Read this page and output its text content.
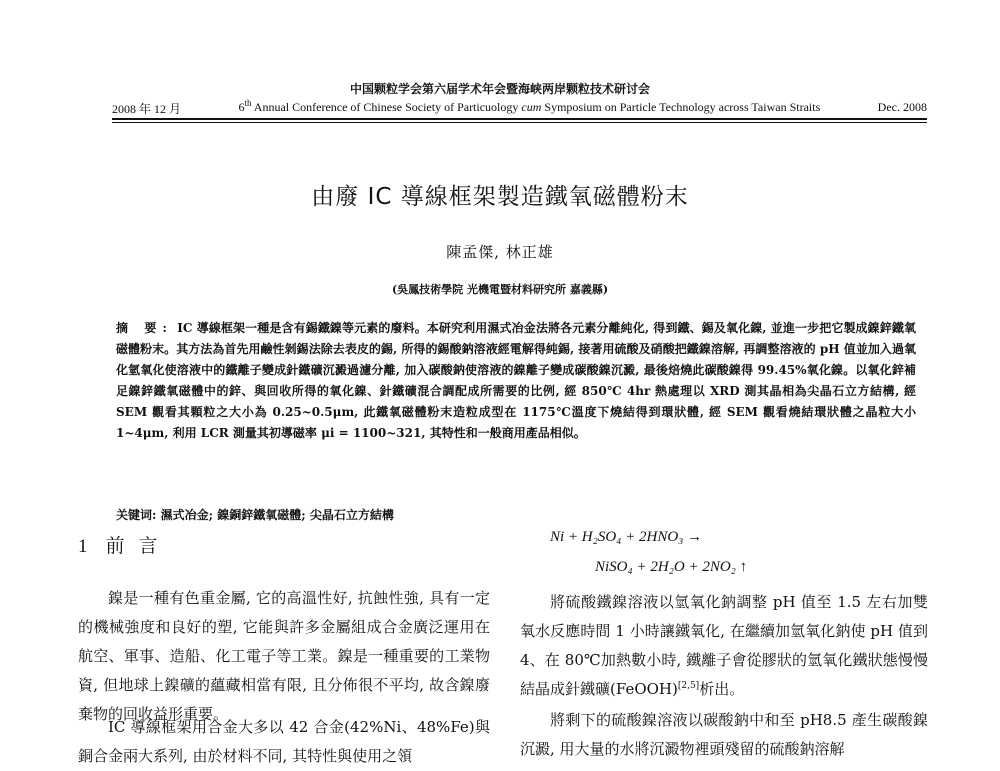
中国颗粒学会第六届学术年会暨海峡两岸颗粒技术研讨会
2008 年 12 月	6th Annual Conference of Chinese Society of Particuology cum Symposium on Particle Technology across Taiwan Straits	Dec. 2008
由廢 IC 導線框架製造鐵氧磁體粉末
陳孟傑, 林正雄
(吳鳳技術學院 光機電暨材料研究所 嘉義縣)
摘 要: IC 導線框架一種是含有錫鐵鎳等元素的廢料。本研究利用濕式冶金法將各元素分離純化, 得到鐵、錫及氧化鎳, 並進一步把它製成鎳鋅鐵氧磁體粉末。其方法為首先用鹼性剝錫法除去表皮的錫, 所得的錫酸鈉溶液經電解得純錫, 接著用硫酸及硝酸把鐵鎳溶解, 再調整溶液的 pH 值並加入過氧化氫氧化使溶液中的鐵離子變成針鐵礦沉澱過濾分離, 加入碳酸鈉使溶液的鎳離子變成碳酸鎳沉澱, 最後焙燒此碳酸鎳得 99.45%氧化鎳。以氧化鋅補足鎳鋅鐵氧磁體中的鋅、與回收所得的氧化鎳、針鐵礦混合調配成所需要的比例, 經 850℃ 4hr 熱處理以 XRD 測其晶相為尖晶石立方結構, 經 SEM 觀看其顆粒之大小為 0.25~0.5μm, 此鐵氧磁體粉末造粒成型在 1175℃溫度下燒結得到環狀體, 經 SEM 觀看燒結環狀體之晶粒大小 1~4μm, 利用 LCR 測量其初導磁率 μi = 1100~321, 其特性和一般商用產品相似。
关键词: 濕式冶金; 鎳銅鋅鐵氧磁體; 尖晶石立方結構
1 前 言
鎳是一種有色重金屬, 它的高溫性好, 抗蝕性強, 具有一定的機械強度和良好的塑, 它能與許多金屬組成合金廣泛運用在航空、軍事、造船、化工電子等工業。鎳是一種重要的工業物資, 但地球上鎳礦的蘊藏相當有限, 且分佈很不平均, 故含鎳廢棄物的回收益形重要。
IC 導線框架用合金大多以 42 合金(42%Ni、48%Fe)與銅合金兩大系列, 由於材料不同, 其特性與使用之領
Ni + H₂SO₄ + 2HNO₃ →
NiSO₄ + 2H₂O + 2NO₂ ↑
將硫酸鐵鎳溶液以氫氧化鈉調整 pH 值至 1.5 左右加雙氧水反應時間 1 小時讓鐵氧化, 在繼續加氫氧化鈉使 pH 值到 4、在 80℃加熱數小時, 鐵離子會從膠狀的氫氧化鐵狀態慢慢結晶成針鐵礦(FeOOH)[2,5]析出。
將剩下的硫酸鎳溶液以碳酸鈉中和至 pH8.5 產生碳酸鎳沉澱, 用大量的水將沉澱物裡頭殘留的硫酸鈉溶解
